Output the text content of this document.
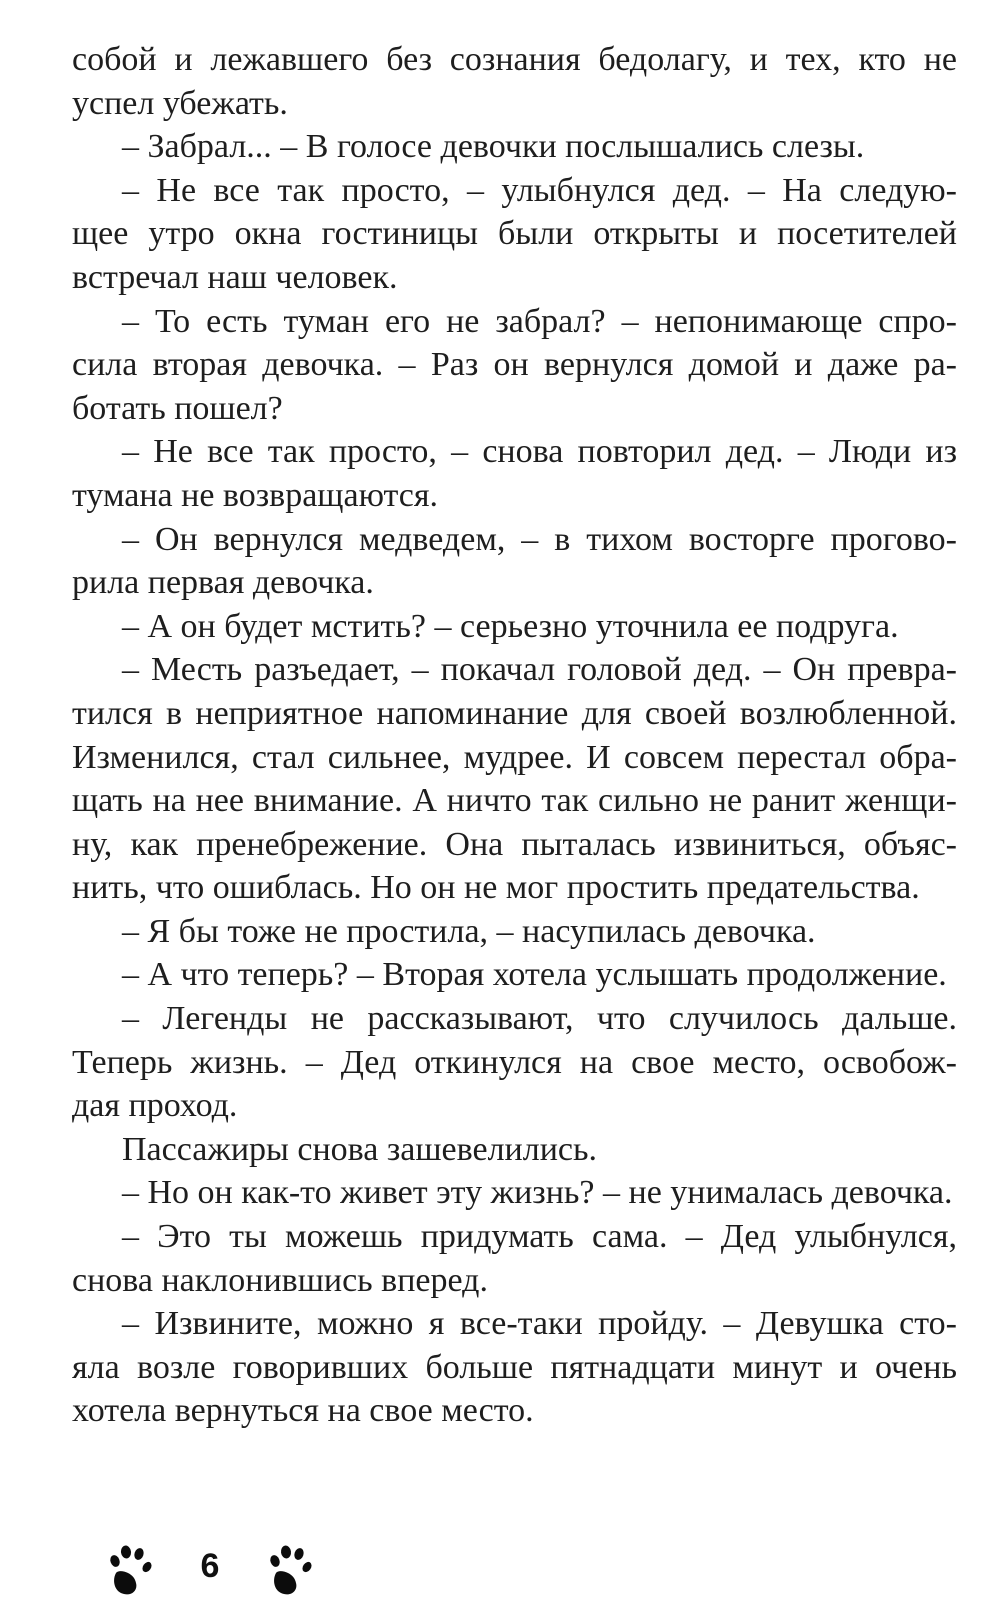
собой и лежавшего без сознания бедолагу, и тех, кто не
успел убежать.
– Забрал... – В голосе девочки послышались слезы.
– Не все так просто, – улыбнулся дед. – На следую-
щее утро окна гостиницы были открыты и посетителей
встречал наш человек.
– То есть туман его не забрал? – непонимающе спро-
сила вторая девочка. – Раз он вернулся домой и даже ра-
ботать пошел?
– Не все так просто, – снова повторил дед. – Люди из
тумана не возвращаются.
– Он вернулся медведем, – в тихом восторге прогово-
рила первая девочка.
– А он будет мстить? – серьезно уточнила ее подруга.
– Месть разъедает, – покачал головой дед. – Он превра-
тился в неприятное напоминание для своей возлюбленной.
Изменился, стал сильнее, мудрее. И совсем перестал обра-
щать на нее внимание. А ничто так сильно не ранит женщи-
ну, как пренебрежение. Она пыталась извиниться, объяс-
нить, что ошиблась. Но он не мог простить предательства.
– Я бы тоже не простила, – насупилась девочка.
– А что теперь? – Вторая хотела услышать продолжение.
– Легенды не рассказывают, что случилось дальше.
Теперь жизнь. – Дед откинулся на свое место, освобож-
дая проход.
Пассажиры снова зашевелились.
– Но он как-то живет эту жизнь? – не унималась девочка.
– Это ты можешь придумать сама. – Дед улыбнулся,
снова наклонившись вперед.
– Извините, можно я все-таки пройду. – Девушка сто-
яла возле говоривших больше пятнадцати минут и очень
хотела вернуться на свое место.
6
